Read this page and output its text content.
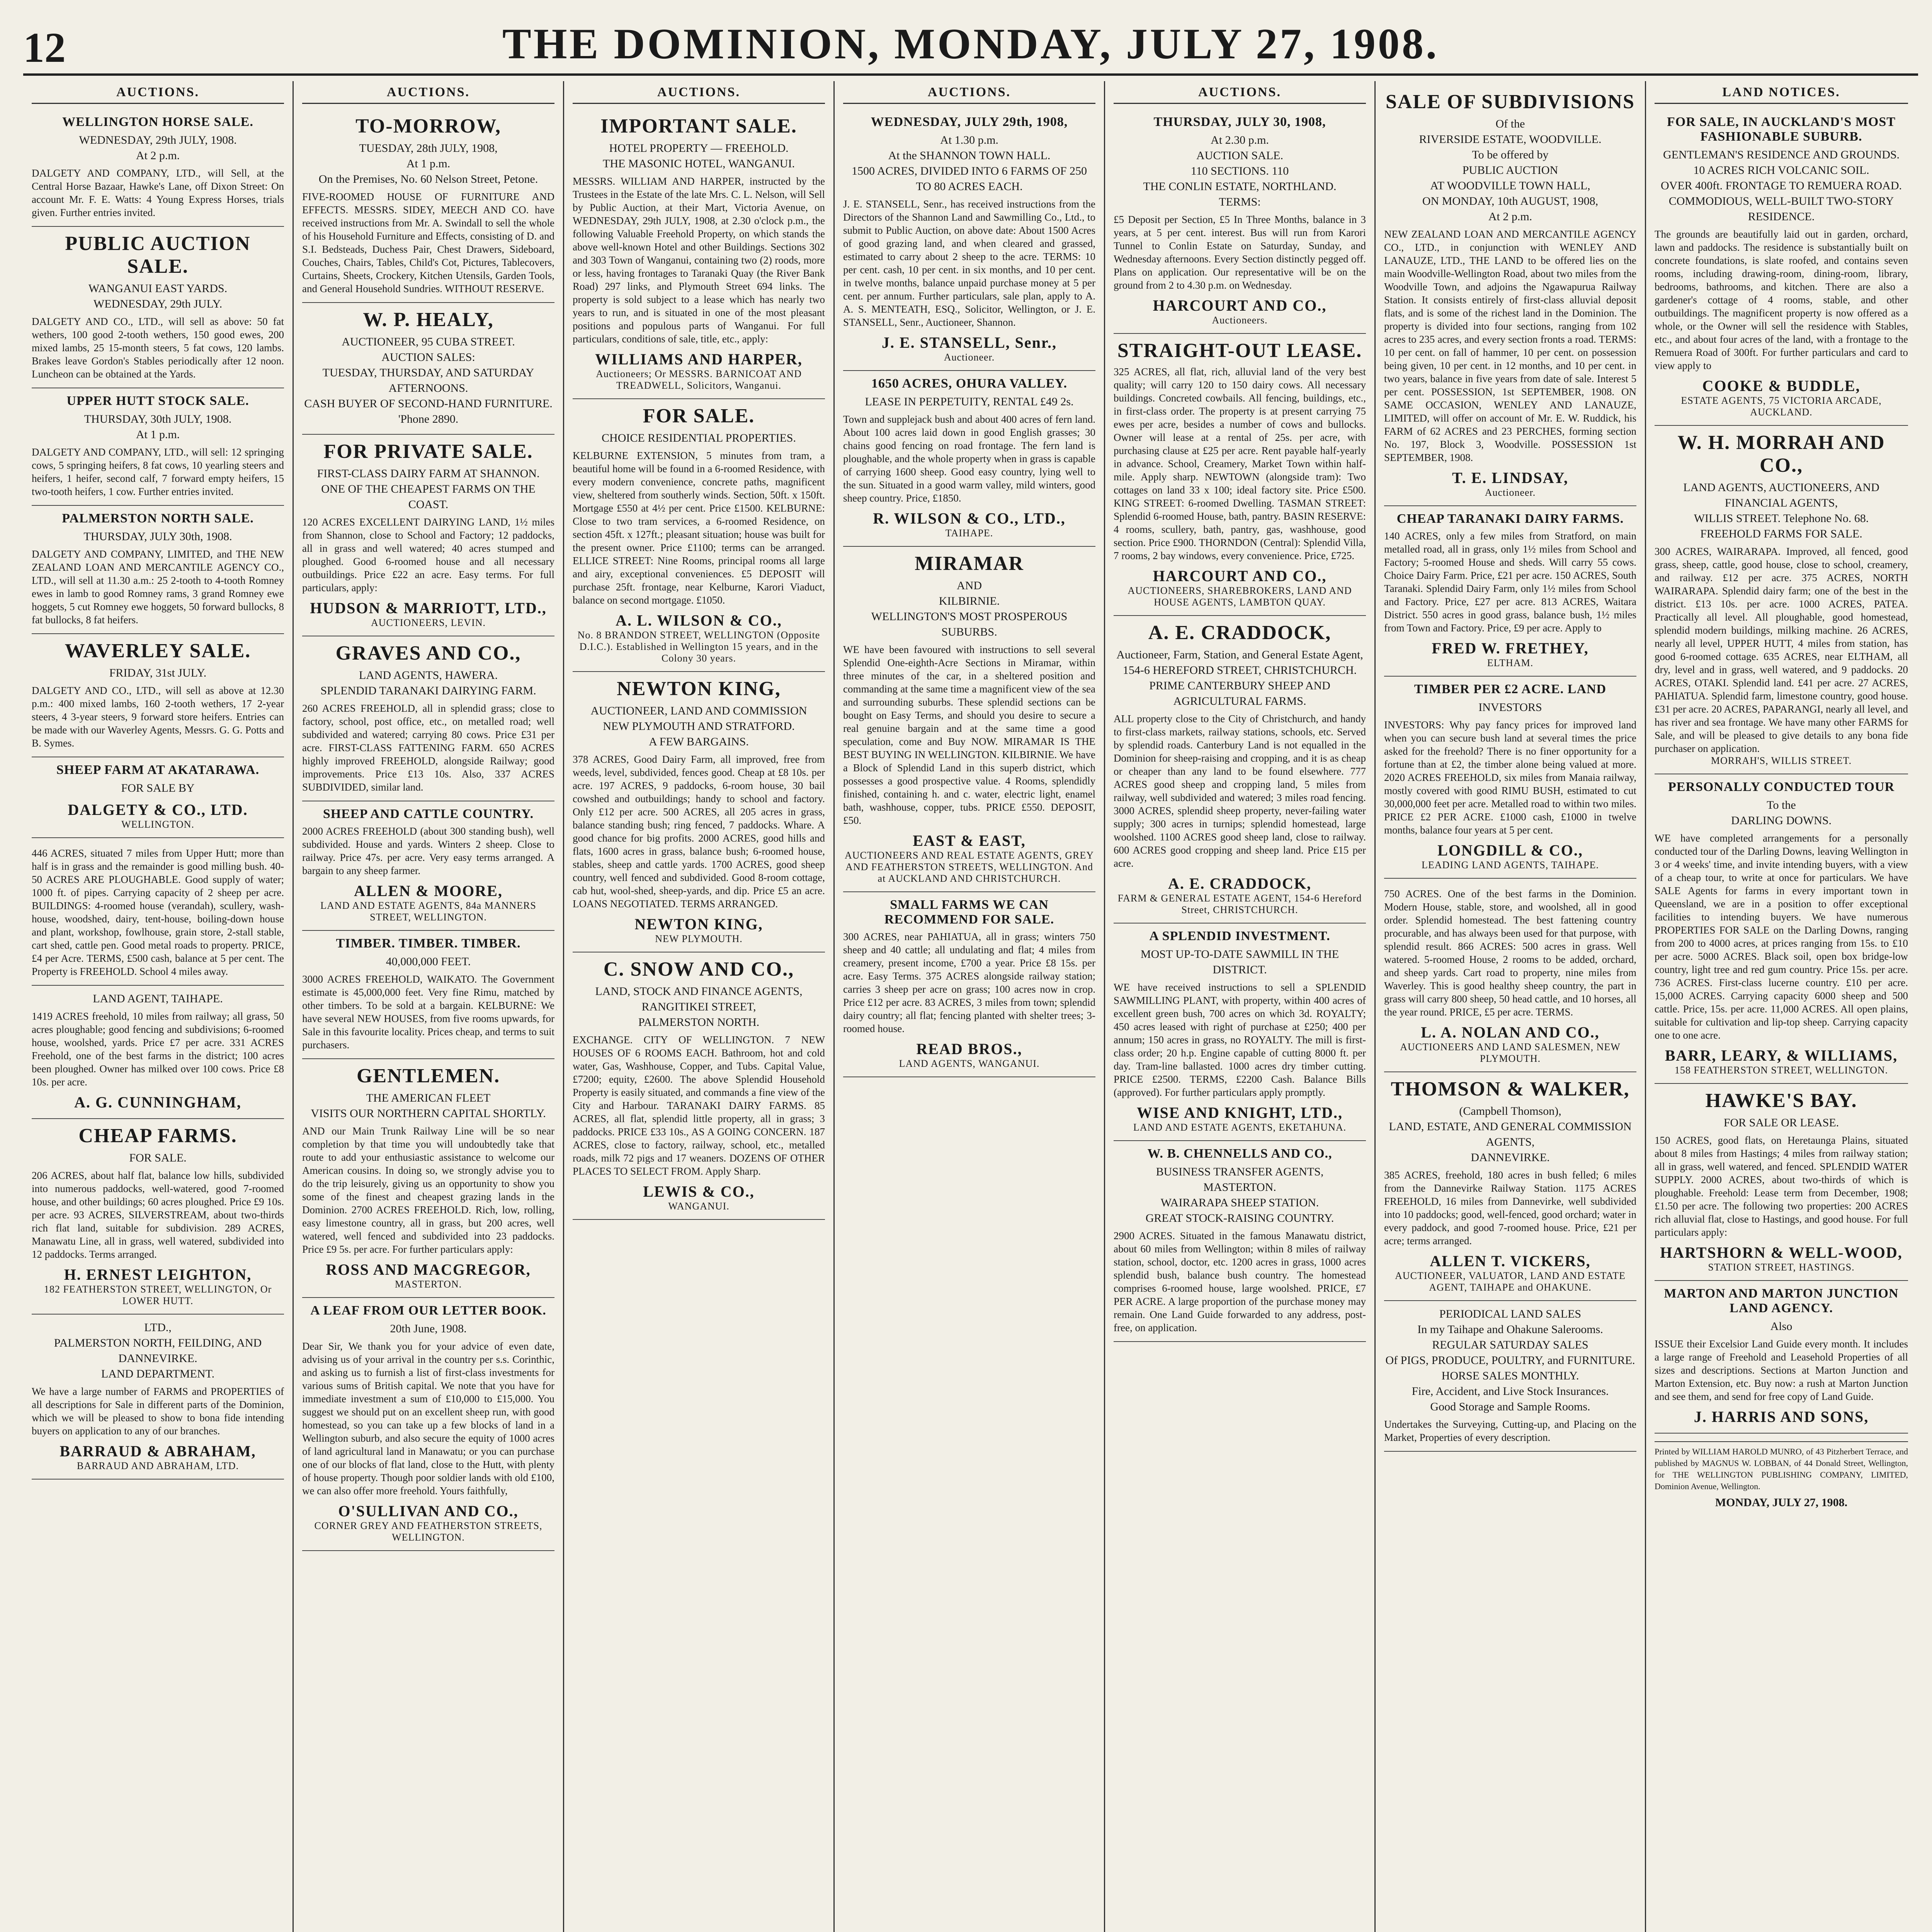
12	THE DOMINION, MONDAY, JULY 27, 1908.
AUCTIONS.
WELLINGTON HORSE SALE.
WEDNESDAY, 29th JULY, 1908.
At 2 p.m.
DALGETY AND COMPANY, LTD., will Sell, at the Central Horse Bazaar, Hawke's Lane, off Dixon Street: On account Mr. F. E. Watts: 4 Young Express Horses, trials given. Further entries invited.
PUBLIC AUCTION SALE.
WANGANUI EAST YARDS.
WEDNESDAY, 29th JULY.
DALGETY AND CO., LTD., will sell as above: 50 fat wethers, 100 good 2-tooth wethers, 150 good ewes, 200 mixed lambs, 25 15-month steers, 5 fat cows, 120 lambs. Brakes leave Gordon's Stables periodically after 12 noon. Luncheon can be obtained at the Yards.
UPPER HUTT STOCK SALE.
THURSDAY, 30th JULY, 1908.
At 1 p.m.
DALGETY AND COMPANY, LTD., will sell: 12 springing cows, 5 springing heifers, 8 fat cows, 10 yearling steers and heifers, 1 heifer, second calf, 7 forward empty heifers, 15 two-tooth heifers, 1 cow. Further entries invited.
PALMERSTON NORTH SALE.
THURSDAY, JULY 30th, 1908.
DALGETY AND COMPANY, LIMITED, and THE NEW ZEALAND LOAN AND MERCANTILE AGENCY CO., LTD., will sell at 11.30 a.m.: 25 2-tooth to 4-tooth Romney ewes in lamb to good Romney rams, 3 grand Romney ewe hoggets, 5 cut Romney ewe hoggets, 50 forward bullocks, 8 fat bullocks, 8 fat heifers.
WAVERLEY SALE.
FRIDAY, 31st JULY.
DALGETY AND CO., LTD., will sell as above at 12.30 p.m.: 400 mixed lambs, 160 2-tooth wethers, 17 2-year steers, 4 3-year steers, 9 forward store heifers. Entries can be made with our Waverley Agents, Messrs. G. G. Potts and B. Symes.
SHEEP FARM AT AKATARAWA.
FOR SALE BY
DALGETY & CO., LTD.
WELLINGTON.
446 ACRES, situated 7 miles from Upper Hutt; more than half is in grass and the remainder is good milling bush. 40-50 ACRES ARE PLOUGHABLE. Good supply of water; 1000 ft. of pipes. Carrying capacity of 2 sheep per acre. BUILDINGS: 4-roomed house (verandah), scullery, wash-house, woodshed, dairy, tent-house, boiling-down house and plant, workshop, fowlhouse, grain store, 2-stall stable, cart shed, cattle pen. Good metal roads to property. PRICE, £4 per Acre. TERMS, £500 cash, balance at 5 per cent. The Property is FREEHOLD. School 4 miles away.
LAND AGENT, TAIHAPE.
1419 ACRES freehold, 10 miles from railway; all grass, 50 acres ploughable; good fencing and subdivisions; 6-roomed house, woolshed, yards. Price £7 per acre. 331 ACRES Freehold, one of the best farms in the district; 100 acres been ploughed. Owner has milked over 100 cows. Price £8 10s. per acre.
A. G. CUNNINGHAM,
CHEAP FARMS.
FOR SALE.
206 ACRES, about half flat, balance low hills, subdivided into numerous paddocks, well-watered, good 7-roomed house, and other buildings; 60 acres ploughed. Price £9 10s. per acre. 93 ACRES, SILVERSTREAM, about two-thirds rich flat land, suitable for subdivision. 289 ACRES, Manawatu Line, all in grass, well watered, subdivided into 12 paddocks. Terms arranged.
H. ERNEST LEIGHTON,
182 FEATHERSTON STREET, WELLINGTON, Or LOWER HUTT.
LTD.,
PALMERSTON NORTH, FEILDING, AND DANNEVIRKE.
LAND DEPARTMENT.
We have a large number of FARMS and PROPERTIES of all descriptions for Sale in different parts of the Dominion, which we will be pleased to show to bona fide intending buyers on application to any of our branches.
BARRAUD & ABRAHAM,
BARRAUD AND ABRAHAM, LTD.
AUCTIONS.
TO-MORROW,
TUESDAY, 28th JULY, 1908,
At 1 p.m.
On the Premises, No. 60 Nelson Street, Petone.
FIVE-ROOMED HOUSE OF FURNITURE AND EFFECTS. MESSRS. SIDEY, MEECH AND CO. have received instructions from Mr. A. Swindall to sell the whole of his Household Furniture and Effects, consisting of D. and S.I. Bedsteads, Duchess Pair, Chest Drawers, Sideboard, Couches, Chairs, Tables, Child's Cot, Pictures, Tablecovers, Curtains, Sheets, Crockery, Kitchen Utensils, Garden Tools, and General Household Sundries. WITHOUT RESERVE.
W. P. HEALY,
AUCTIONEER, 95 CUBA STREET.
AUCTION SALES:
TUESDAY, THURSDAY, AND SATURDAY AFTERNOONS.
CASH BUYER OF SECOND-HAND FURNITURE.
'Phone 2890.
FOR PRIVATE SALE.
FIRST-CLASS DAIRY FARM AT SHANNON.
ONE OF THE CHEAPEST FARMS ON THE COAST.
120 ACRES EXCELLENT DAIRYING LAND, 1½ miles from Shannon, close to School and Factory; 12 paddocks, all in grass and well watered; 40 acres stumped and ploughed. Good 6-roomed house and all necessary outbuildings. Price £22 an acre. Easy terms. For full particulars, apply:
HUDSON & MARRIOTT, LTD.,
AUCTIONEERS, LEVIN.
GRAVES AND CO.,
LAND AGENTS, HAWERA.
SPLENDID TARANAKI DAIRYING FARM.
260 ACRES FREEHOLD, all in splendid grass; close to factory, school, post office, etc., on metalled road; well subdivided and watered; carrying 80 cows. Price £31 per acre. FIRST-CLASS FATTENING FARM. 650 ACRES highly improved FREEHOLD, alongside Railway; good improvements. Price £13 10s. Also, 337 ACRES SUBDIVIDED, similar land.
SHEEP AND CATTLE COUNTRY.
2000 ACRES FREEHOLD (about 300 standing bush), well subdivided. House and yards. Winters 2 sheep. Close to railway. Price 47s. per acre. Very easy terms arranged. A bargain to any sheep farmer.
ALLEN & MOORE,
LAND AND ESTATE AGENTS, 84a MANNERS STREET, WELLINGTON.
TIMBER. TIMBER. TIMBER.
40,000,000 FEET.
3000 ACRES FREEHOLD, WAIKATO. The Government estimate is 45,000,000 feet. Very fine Rimu, matched by other timbers. To be sold at a bargain. KELBURNE: We have several NEW HOUSES, from five rooms upwards, for Sale in this favourite locality. Prices cheap, and terms to suit purchasers.
GENTLEMEN.
THE AMERICAN FLEET
VISITS OUR NORTHERN CAPITAL SHORTLY.
AND our Main Trunk Railway Line will be so near completion by that time you will undoubtedly take that route to add your enthusiastic assistance to welcome our American cousins. In doing so, we strongly advise you to do the trip leisurely, giving us an opportunity to show you some of the finest and cheapest grazing lands in the Dominion. 2700 ACRES FREEHOLD. Rich, low, rolling, easy limestone country, all in grass, but 200 acres, well watered, well fenced and subdivided into 23 paddocks. Price £9 5s. per acre. For further particulars apply:
ROSS AND MACGREGOR,
MASTERTON.
A LEAF FROM OUR LETTER BOOK.
20th June, 1908.
Dear Sir, We thank you for your advice of even date, advising us of your arrival in the country per s.s. Corinthic, and asking us to furnish a list of first-class investments for various sums of British capital. We note that you have for immediate investment a sum of £10,000 to £15,000. You suggest we should put on an excellent sheep run, with good homestead, so you can take up a few blocks of land in a Wellington suburb, and also secure the equity of 1000 acres of land agricultural land in Manawatu; or you can purchase one of our blocks of flat land, close to the Hutt, with plenty of house property. Though poor soldier lands with old £100, we can also offer more freehold. Yours faithfully,
O'SULLIVAN AND CO.,
CORNER GREY AND FEATHERSTON STREETS, WELLINGTON.
AUCTIONS.
IMPORTANT SALE.
HOTEL PROPERTY — FREEHOLD.
THE MASONIC HOTEL, WANGANUI.
MESSRS. WILLIAM AND HARPER, instructed by the Trustees in the Estate of the late Mrs. C. L. Nelson, will Sell by Public Auction, at their Mart, Victoria Avenue, on WEDNESDAY, 29th JULY, 1908, at 2.30 o'clock p.m., the following Valuable Freehold Property, on which stands the above well-known Hotel and other Buildings. Sections 302 and 303 Town of Wanganui, containing two (2) roods, more or less, having frontages to Taranaki Quay (the River Bank Road) 297 links, and Plymouth Street 694 links. The property is sold subject to a lease which has nearly two years to run, and is situated in one of the most pleasant positions and populous parts of Wanganui. For full particulars, conditions of sale, title, etc., apply:
WILLIAMS AND HARPER,
Auctioneers; Or MESSRS. BARNICOAT AND TREADWELL, Solicitors, Wanganui.
FOR SALE.
CHOICE RESIDENTIAL PROPERTIES.
KELBURNE EXTENSION, 5 minutes from tram, a beautiful home will be found in a 6-roomed Residence, with every modern convenience, concrete paths, magnificent view, sheltered from southerly winds. Section, 50ft. x 150ft. Mortgage £550 at 4½ per cent. Price £1500. KELBURNE: Close to two tram services, a 6-roomed Residence, on section 45ft. x 127ft.; pleasant situation; house was built for the present owner. Price £1100; terms can be arranged. ELLICE STREET: Nine Rooms, principal rooms all large and airy, exceptional conveniences. £5 DEPOSIT will purchase 25ft. frontage, near Kelburne, Karori Viaduct, balance on second mortgage. £1050.
A. L. WILSON & CO.,
No. 8 BRANDON STREET, WELLINGTON (Opposite D.I.C.). Established in Wellington 15 years, and in the Colony 30 years.
NEWTON KING,
AUCTIONEER, LAND AND COMMISSION
NEW PLYMOUTH AND STRATFORD.
A FEW BARGAINS.
378 ACRES, Good Dairy Farm, all improved, free from weeds, level, subdivided, fences good. Cheap at £8 10s. per acre. 197 ACRES, 9 paddocks, 6-room house, 30 bail cowshed and outbuildings; handy to school and factory. Only £12 per acre. 500 ACRES, all 205 acres in grass, balance standing bush; ring fenced, 7 paddocks. Whare. A good chance for big profits. 2000 ACRES, good hills and flats, 1600 acres in grass, balance bush; 6-roomed house, stables, sheep and cattle yards. 1700 ACRES, good sheep country, well fenced and subdivided. Good 8-room cottage, cab hut, wool-shed, sheep-yards, and dip. Price £5 an acre. LOANS NEGOTIATED. TERMS ARRANGED.
NEWTON KING,
NEW PLYMOUTH.
C. SNOW AND CO.,
LAND, STOCK AND FINANCE AGENTS,
RANGITIKEI STREET,
PALMERSTON NORTH.
EXCHANGE. CITY OF WELLINGTON. 7 NEW HOUSES OF 6 ROOMS EACH. Bathroom, hot and cold water, Gas, Washhouse, Copper, and Tubs. Capital Value, £7200; equity, £2600. The above Splendid Household Property is easily situated, and commands a fine view of the City and Harbour. TARANAKI DAIRY FARMS. 85 ACRES, all flat, splendid little property, all in grass; 3 paddocks. PRICE £33 10s., AS A GOING CONCERN. 187 ACRES, close to factory, railway, school, etc., metalled roads, milk 72 pigs and 17 weaners. DOZENS OF OTHER PLACES TO SELECT FROM. Apply Sharp.
LEWIS & CO.,
WANGANUI.
AUCTIONS.
WEDNESDAY, JULY 29th, 1908,
At 1.30 p.m.
At the SHANNON TOWN HALL.
1500 ACRES, DIVIDED INTO 6 FARMS OF 250 TO 80 ACRES EACH.
J. E. STANSELL, Senr., has received instructions from the Directors of the Shannon Land and Sawmilling Co., Ltd., to submit to Public Auction, on above date: About 1500 Acres of good grazing land, and when cleared and grassed, estimated to carry about 2 sheep to the acre. TERMS: 10 per cent. cash, 10 per cent. in six months, and 10 per cent. in twelve months, balance unpaid purchase money at 5 per cent. per annum. Further particulars, sale plan, apply to A. A. S. MENTEATH, ESQ., Solicitor, Wellington, or J. E. STANSELL, Senr., Auctioneer, Shannon.
J. E. STANSELL, Senr.,
Auctioneer.
1650 ACRES, OHURA VALLEY.
LEASE IN PERPETUITY, RENTAL £49 2s.
Town and supplejack bush and about 400 acres of fern land. About 100 acres laid down in good English grasses; 30 chains good fencing on road frontage. The fern land is ploughable, and the whole property when in grass is capable of carrying 1600 sheep. Good easy country, lying well to the sun. Situated in a good warm valley, mild winters, good sheep country. Price, £1850.
R. WILSON & CO., LTD.,
TAIHAPE.
MIRAMAR
AND
KILBIRNIE.
WELLINGTON'S MOST PROSPEROUS SUBURBS.
WE have been favoured with instructions to sell several Splendid One-eighth-Acre Sections in Miramar, within three minutes of the car, in a sheltered position and commanding at the same time a magnificent view of the sea and surrounding suburbs. These splendid sections can be bought on Easy Terms, and should you desire to secure a real genuine bargain and at the same time a good speculation, come and Buy NOW. MIRAMAR IS THE BEST BUYING IN WELLINGTON. KILBIRNIE. We have a Block of Splendid Land in this superb district, which possesses a good prospective value. 4 Rooms, splendidly finished, containing h. and c. water, electric light, enamel bath, washhouse, copper, tubs. PRICE £550. DEPOSIT, £50.
EAST & EAST,
AUCTIONEERS AND REAL ESTATE AGENTS, GREY AND FEATHERSTON STREETS, WELLINGTON. And at AUCKLAND AND CHRISTCHURCH.
SMALL FARMS WE CAN RECOMMEND FOR SALE.
300 ACRES, near PAHIATUA, all in grass; winters 750 sheep and 40 cattle; all undulating and flat; 4 miles from creamery, present income, £700 a year. Price £8 15s. per acre. Easy Terms. 375 ACRES alongside railway station; carries 3 sheep per acre on grass; 100 acres now in crop. Price £12 per acre. 83 ACRES, 3 miles from town; splendid dairy country; all flat; fencing planted with shelter trees; 3-roomed house.
READ BROS.,
LAND AGENTS, WANGANUI.
AUCTIONS.
THURSDAY, JULY 30, 1908,
At 2.30 p.m.
AUCTION SALE.
110 SECTIONS. 110
THE CONLIN ESTATE, NORTHLAND.
TERMS:
£5 Deposit per Section, £5 In Three Months, balance in 3 years, at 5 per cent. interest. Bus will run from Karori Tunnel to Conlin Estate on Saturday, Sunday, and Wednesday afternoons. Every Section distinctly pegged off. Plans on application. Our representative will be on the ground from 2 to 4.30 p.m. on Wednesday.
HARCOURT AND CO.,
Auctioneers.
STRAIGHT-OUT LEASE.
325 ACRES, all flat, rich, alluvial land of the very best quality; will carry 120 to 150 dairy cows. All necessary buildings. Concreted cowbails. All fencing, buildings, etc., in first-class order. The property is at present carrying 75 ewes per acre, besides a number of cows and bullocks. Owner will lease at a rental of 25s. per acre, with purchasing clause at £25 per acre. Rent payable half-yearly in advance. School, Creamery, Market Town within half-mile. Apply sharp. NEWTOWN (alongside tram): Two cottages on land 33 x 100; ideal factory site. Price £500. KING STREET: 6-roomed Dwelling. TASMAN STREET: Splendid 6-roomed House, bath, pantry. BASIN RESERVE: 4 rooms, scullery, bath, pantry, gas, washhouse, good section. Price £900. THORNDON (Central): Splendid Villa, 7 rooms, 2 bay windows, every convenience. Price, £725.
HARCOURT AND CO.,
AUCTIONEERS, SHAREBROKERS, LAND AND HOUSE AGENTS, LAMBTON QUAY.
A. E. CRADDOCK,
Auctioneer, Farm, Station, and General Estate Agent,
154-6 HEREFORD STREET, CHRISTCHURCH.
PRIME CANTERBURY SHEEP AND AGRICULTURAL FARMS.
ALL property close to the City of Christchurch, and handy to first-class markets, railway stations, schools, etc. Served by splendid roads. Canterbury Land is not equalled in the Dominion for sheep-raising and cropping, and it is as cheap or cheaper than any land to be found elsewhere. 777 ACRES good sheep and cropping land, 5 miles from railway, well subdivided and watered; 3 miles road fencing. 3000 ACRES, splendid sheep property, never-failing water supply; 300 acres in turnips; splendid homestead, large woolshed. 1100 ACRES good sheep land, close to railway. 600 ACRES good cropping and sheep land. Price £15 per acre.
A. E. CRADDOCK,
FARM & GENERAL ESTATE AGENT, 154-6 Hereford Street, CHRISTCHURCH.
A SPLENDID INVESTMENT.
MOST UP-TO-DATE SAWMILL IN THE DISTRICT.
WE have received instructions to sell a SPLENDID SAWMILLING PLANT, with property, within 400 acres of excellent green bush, 700 acres on which 3d. ROYALTY; 450 acres leased with right of purchase at £250; 400 per annum; 150 acres in grass, no ROYALTY. The mill is first-class order; 20 h.p. Engine capable of cutting 8000 ft. per day. Tram-line ballasted. 1000 acres dry timber cutting. PRICE £2500. TERMS, £2200 Cash. Balance Bills (approved). For further particulars apply promptly.
WISE AND KNIGHT, LTD.,
LAND AND ESTATE AGENTS, EKETAHUNA.
W. B. CHENNELLS AND CO.,
BUSINESS TRANSFER AGENTS,
MASTERTON.
WAIRARAPA SHEEP STATION.
GREAT STOCK-RAISING COUNTRY.
2900 ACRES. Situated in the famous Manawatu district, about 60 miles from Wellington; within 8 miles of railway station, school, doctor, etc. 1200 acres in grass, 1000 acres splendid bush, balance bush country. The homestead comprises 6-roomed house, large woolshed. PRICE, £7 PER ACRE. A large proportion of the purchase money may remain. One Land Guide forwarded to any address, post-free, on application.
SALE OF SUBDIVISIONS
Of the
RIVERSIDE ESTATE, WOODVILLE.
To be offered by
PUBLIC AUCTION
AT WOODVILLE TOWN HALL,
ON MONDAY, 10th AUGUST, 1908,
At 2 p.m.
NEW ZEALAND LOAN AND MERCANTILE AGENCY CO., LTD., in conjunction with WENLEY AND LANAUZE, LTD., THE LAND to be offered lies on the main Woodville-Wellington Road, about two miles from the Woodville Town, and adjoins the Ngawapurua Railway Station. It consists entirely of first-class alluvial deposit flats, and is some of the richest land in the Dominion. The property is divided into four sections, ranging from 102 acres to 235 acres, and every section fronts a road. TERMS: 10 per cent. on fall of hammer, 10 per cent. on possession being given, 10 per cent. in 12 months, and 10 per cent. in two years, balance in five years from date of sale. Interest 5 per cent. POSSESSION, 1st SEPTEMBER, 1908. ON SAME OCCASION, WENLEY AND LANAUZE, LIMITED, will offer on account of Mr. E. W. Ruddick, his FARM of 62 ACRES and 23 PERCHES, forming section No. 197, Block 3, Woodville. POSSESSION 1st SEPTEMBER, 1908.
T. E. LINDSAY,
Auctioneer.
CHEAP TARANAKI DAIRY FARMS.
140 ACRES, only a few miles from Stratford, on main metalled road, all in grass, only 1½ miles from School and Factory; 5-roomed House and sheds. Will carry 55 cows. Choice Dairy Farm. Price, £21 per acre. 150 ACRES, South Taranaki. Splendid Dairy Farm, only 1½ miles from School and Factory. Price, £27 per acre. 813 ACRES, Waitara District. 550 acres in good grass, balance bush, 1½ miles from Town and Factory. Price, £9 per acre. Apply to
FRED W. FRETHEY,
ELTHAM.
TIMBER PER £2 ACRE. LAND
INVESTORS
INVESTORS: Why pay fancy prices for improved land when you can secure bush land at several times the price asked for the freehold? There is no finer opportunity for a fortune than at £2, the timber alone being valued at more. 2020 ACRES FREEHOLD, six miles from Manaia railway, mostly covered with good RIMU BUSH, estimated to cut 30,000,000 feet per acre. Metalled road to within two miles. PRICE £2 PER ACRE. £1000 cash, £1000 in twelve months, balance four years at 5 per cent.
LONGDILL & CO.,
LEADING LAND AGENTS, TAIHAPE.
750 ACRES. One of the best farms in the Dominion. Modern House, stable, store, and woolshed, all in good order. Splendid homestead. The best fattening country procurable, and has always been used for that purpose, with splendid result. 866 ACRES: 500 acres in grass. Well watered. 5-roomed House, 2 rooms to be added, orchard, and sheep yards. Cart road to property, nine miles from Waverley. This is good healthy sheep country, the part in grass will carry 800 sheep, 50 head cattle, and 10 horses, all the year round. PRICE, £5 per acre. TERMS.
L. A. NOLAN AND CO.,
AUCTIONEERS AND LAND SALESMEN, NEW PLYMOUTH.
THOMSON & WALKER,
(Campbell Thomson),
LAND, ESTATE, AND GENERAL COMMISSION AGENTS,
DANNEVIRKE.
385 ACRES, freehold, 180 acres in bush felled; 6 miles from the Dannevirke Railway Station. 1175 ACRES FREEHOLD, 16 miles from Dannevirke, well subdivided into 10 paddocks; good, well-fenced, good orchard; water in every paddock, and good 7-roomed house. Price, £21 per acre; terms arranged.
ALLEN T. VICKERS,
AUCTIONEER, VALUATOR, LAND AND ESTATE AGENT, TAIHAPE and OHAKUNE.
PERIODICAL LAND SALES
In my Taihape and Ohakune Salerooms.
REGULAR SATURDAY SALES
Of PIGS, PRODUCE, POULTRY, and FURNITURE.
HORSE SALES MONTHLY.
Fire, Accident, and Live Stock Insurances.
Good Storage and Sample Rooms.
Undertakes the Surveying, Cutting-up, and Placing on the Market, Properties of every description.
LAND NOTICES.
FOR SALE, IN AUCKLAND'S MOST FASHIONABLE SUBURB.
GENTLEMAN'S RESIDENCE AND GROUNDS.
10 ACRES RICH VOLCANIC SOIL.
OVER 400ft. FRONTAGE TO REMUERA ROAD.
COMMODIOUS, WELL-BUILT TWO-STORY RESIDENCE.
The grounds are beautifully laid out in garden, orchard, lawn and paddocks. The residence is substantially built on concrete foundations, is slate roofed, and contains seven rooms, including drawing-room, dining-room, library, bedrooms, bathrooms, and kitchen. There are also a gardener's cottage of 4 rooms, stable, and other outbuildings. The magnificent property is now offered as a whole, or the Owner will sell the residence with Stables, etc., and about four acres of the land, with a frontage to the Remuera Road of 300ft. For further particulars and card to view apply to
COOKE & BUDDLE,
ESTATE AGENTS, 75 VICTORIA ARCADE, AUCKLAND.
W. H. MORRAH AND CO.,
LAND AGENTS, AUCTIONEERS, AND FINANCIAL AGENTS,
WILLIS STREET. Telephone No. 68.
FREEHOLD FARMS FOR SALE.
300 ACRES, WAIRARAPA. Improved, all fenced, good grass, sheep, cattle, good house, close to school, creamery, and railway. £12 per acre. 375 ACRES, NORTH WAIRARAPA. Splendid dairy farm; one of the best in the district. £13 10s. per acre. 1000 ACRES, PATEA. Practically all level. All ploughable, good homestead, splendid modern buildings, milking machine. 26 ACRES, nearly all level, UPPER HUTT, 4 miles from station, has good 6-roomed cottage. 635 ACRES, near ELTHAM, all dry, level and in grass, well watered, and 9 paddocks. 20 ACRES, OTAKI. Splendid land. £41 per acre. 27 ACRES, PAHIATUA. Splendid farm, limestone country, good house. £31 per acre. 20 ACRES, PAPARANGI, nearly all level, and has river and sea frontage. We have many other FARMS for Sale, and will be pleased to give details to any bona fide purchaser on application.
MORRAH'S, WILLIS STREET.
PERSONALLY CONDUCTED TOUR
To the
DARLING DOWNS.
WE have completed arrangements for a personally conducted tour of the Darling Downs, leaving Wellington in 3 or 4 weeks' time, and invite intending buyers, with a view of a cheap tour, to write at once for particulars. We have SALE Agents for farms in every important town in Queensland, we are in a position to offer exceptional facilities to intending buyers. We have numerous PROPERTIES FOR SALE on the Darling Downs, ranging from 200 to 4000 acres, at prices ranging from 15s. to £10 per acre. 5000 ACRES. Black soil, open box bridge-low country, light tree and red gum country. Price 15s. per acre. 736 ACRES. First-class lucerne country. £10 per acre. 15,000 ACRES. Carrying capacity 6000 sheep and 500 cattle. Price, 15s. per acre. 11,000 ACRES. All open plains, suitable for cultivation and lip-top sheep. Carrying capacity one to one acre.
BARR, LEARY, & WILLIAMS,
158 FEATHERSTON STREET, WELLINGTON.
HAWKE'S BAY.
FOR SALE OR LEASE.
150 ACRES, good flats, on Heretaunga Plains, situated about 8 miles from Hastings; 4 miles from railway station; all in grass, well watered, and fenced. SPLENDID WATER SUPPLY. 2000 ACRES, about two-thirds of which is ploughable. Freehold: Lease term from December, 1908; £1.50 per acre. The following two properties: 200 ACRES rich alluvial flat, close to Hastings, and good house. For full particulars apply:
HARTSHORN & WELL-WOOD,
STATION STREET, HASTINGS.
MARTON AND MARTON JUNCTION LAND AGENCY.
Also
ISSUE their Excelsior Land Guide every month. It includes a large range of Freehold and Leasehold Properties of all sizes and descriptions. Sections at Marton Junction and Marton Extension, etc. Buy now: a rush at Marton Junction and see them, and send for free copy of Land Guide.
J. HARRIS AND SONS,
Printed by WILLIAM HAROLD MUNRO, of 43 Pitzherbert Terrace, and published by MAGNUS W. LOBBAN, of 44 Donald Street, Wellington, for THE WELLINGTON PUBLISHING COMPANY, LIMITED, Dominion Avenue, Wellington.
MONDAY, JULY 27, 1908.
